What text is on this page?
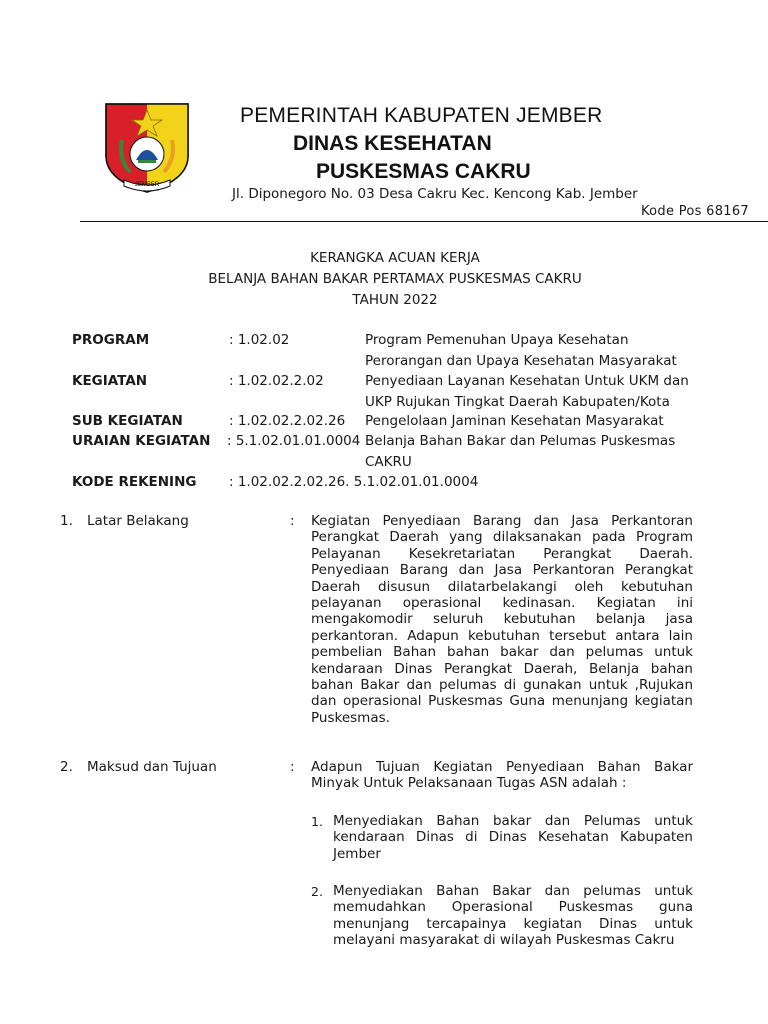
JEMBER
PEMERINTAH KABUPATEN JEMBER
DINAS KESEHATAN
PUSKESMAS CAKRU
Jl. Diponegoro No. 03 Desa Cakru Kec. Kencong Kab. Jember
Kode Pos 68167
KERANGKA ACUAN KERJA
BELANJA BAHAN BAKAR PERTAMAX PUSKESMAS CAKRU
TAHUN 2022
PROGRAM	: 1.02.02	Program Pemenuhan Upaya Kesehatan
Perorangan dan Upaya Kesehatan Masyarakat
KEGIATAN	: 1.02.02.2.02	Penyediaan Layanan Kesehatan Untuk UKM dan
UKP Rujukan Tingkat Daerah Kabupaten/Kota
SUB KEGIATAN	: 1.02.02.2.02.26 Pengelolaan Jaminan Kesehatan Masyarakat
URAIAN KEGIATAN : 5.1.02.01.01.0004 Belanja Bahan Bakar dan Pelumas Puskesmas
CAKRU
KODE REKENING : 1.02.02.2.02.26. 5.1.02.01.01.0004
1. Latar Belakang	: Kegiatan Penyediaan Barang dan Jasa Perkantoran Perangkat Daerah yang dilaksanakan pada Program Pelayanan Kesekretariatan Perangkat Daerah. Penyediaan Barang dan Jasa Perkantoran Perangkat Daerah disusun dilatarbelakangi oleh kebutuhan pelayanan operasional kedinasan. Kegiatan ini mengakomodir seluruh kebutuhan belanja jasa perkantoran. Adapun kebutuhan tersebut antara lain pembelian Bahan bahan bakar dan pelumas untuk kendaraan Dinas Perangkat Daerah, Belanja bahan bahan Bakar dan pelumas di gunakan untuk ,Rujukan dan operasional Puskesmas Guna menunjang kegiatan Puskesmas.
2. Maksud dan Tujuan	: Adapun Tujuan Kegiatan Penyediaan Bahan Bakar Minyak Untuk Pelaksanaan Tugas ASN adalah :
1. Menyediakan Bahan bakar dan Pelumas untuk kendaraan Dinas di Dinas Kesehatan Kabupaten Jember
2. Menyediakan Bahan Bakar dan pelumas untuk memudahkan Operasional Puskesmas guna menunjang tercapainya kegiatan Dinas untuk melayani masyarakat di wilayah Puskesmas Cakru
